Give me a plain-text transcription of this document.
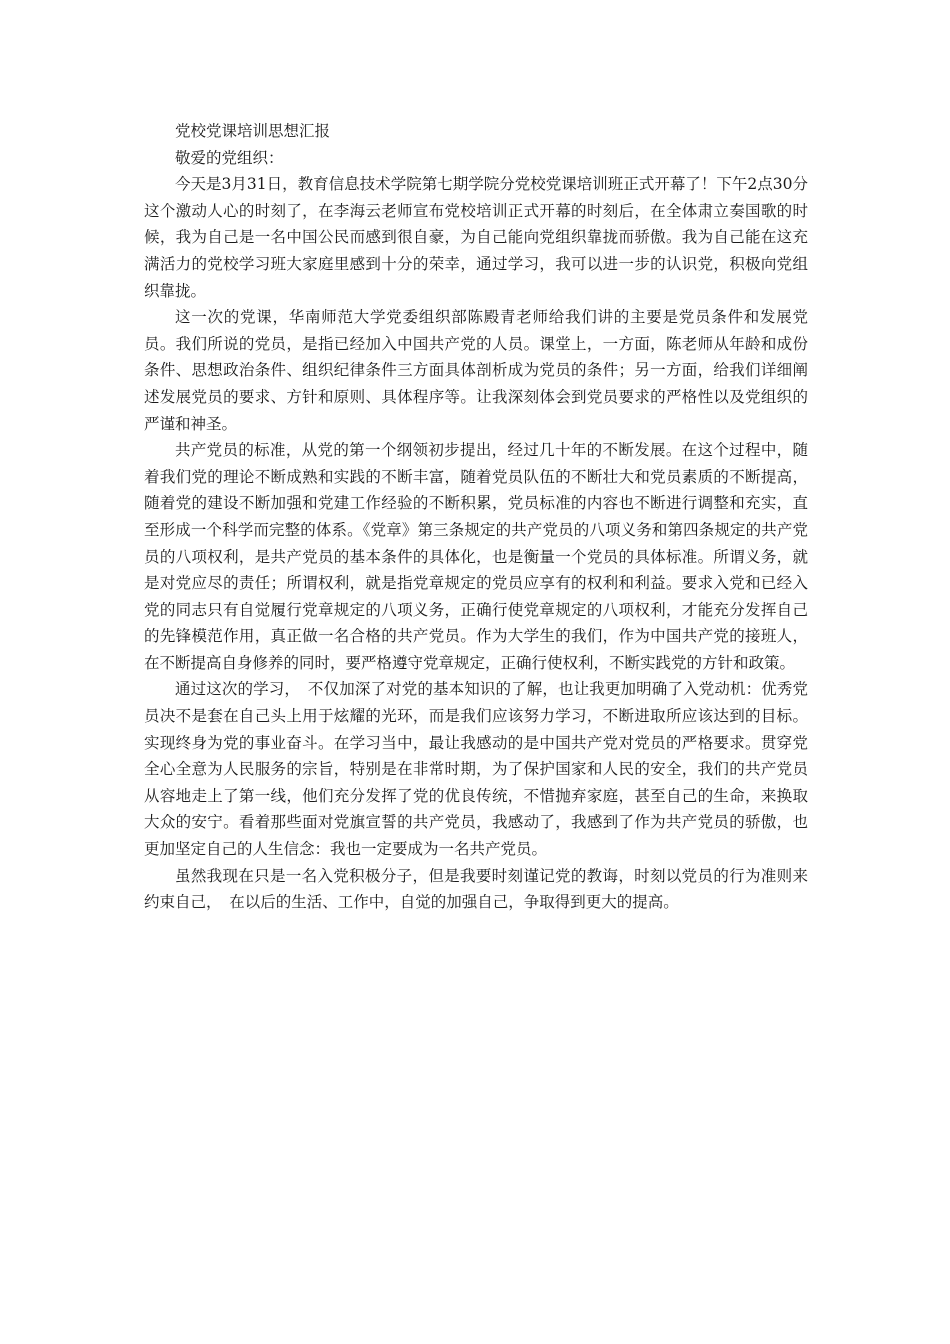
党校党课培训思想汇报

敬爱的党组织：

今天是3月31日，教育信息技术学院第七期学院分党校党课培训班正式开幕了！下午2点30分这个激动人心的时刻了，在李海云老师宣布党校培训正式开幕的时刻后，在全体肃立奏国歌的时候，我为自己是一名中国公民而感到很自豪，为自己能向党组织靠拢而骄傲。我为自己能在这充满活力的党校学习班大家庭里感到十分的荣幸，通过学习，我可以进一步的认识党，积极向党组织靠拢。

这一次的党课，华南师范大学党委组织部陈殿青老师给我们讲的主要是党员条件和发展党员。我们所说的党员，是指已经加入中国共产党的人员。课堂上，一方面，陈老师从年龄和成份条件、思想政治条件、组织纪律条件三方面具体剖析成为党员的条件；另一方面，给我们详细阐述发展党员的要求、方针和原则、具体程序等。让我深刻体会到党员要求的严格性以及党组织的严谨和神圣。

共产党员的标准，从党的第一个纲领初步提出，经过几十年的不断发展。在这个过程中，随着我们党的理论不断成熟和实践的不断丰富，随着党员队伍的不断壮大和党员素质的不断提高，随着党的建设不断加强和党建工作经验的不断积累，党员标准的内容也不断进行调整和充实，直至形成一个科学而完整的体系。《党章》第三条规定的共产党员的八项义务和第四条规定的共产党员的八项权利，是共产党员的基本条件的具体化，也是衡量一个党员的具体标准。所谓义务，就是对党应尽的责任；所谓权利，就是指党章规定的党员应享有的权利和利益。要求入党和已经入党的同志只有自觉履行党章规定的八项义务，正确行使党章规定的八项权利，才能充分发挥自己的先锋模范作用，真正做一名合格的共产党员。作为大学生的我们，作为中国共产党的接班人，在不断提高自身修养的同时，要严格遵守党章规定，正确行使权利，不断实践党的方针和政策。

通过这次的学习，　不仅加深了对党的基本知识的了解，也让我更加明确了入党动机：优秀党员决不是套在自己头上用于炫耀的光环，而是我们应该努力学习，不断进取所应该达到的目标。实现终身为党的事业奋斗。在学习当中，最让我感动的是中国共产党对党员的严格要求。贯穿党全心全意为人民服务的宗旨，特别是在非常时期，为了保护国家和人民的安全，我们的共产党员从容地走上了第一线，他们充分发挥了党的优良传统，不惜抛弃家庭，甚至自己的生命，来换取大众的安宁。看着那些面对党旗宣誓的共产党员，我感动了，我感到了作为共产党员的骄傲，也更加坚定自己的人生信念：我也一定要成为一名共产党员。

虽然我现在只是一名入党积极分子，但是我要时刻谨记党的教诲，时刻以党员的行为准则来约束自己，　在以后的生活、工作中，自觉的加强自己，争取得到更大的提高。
